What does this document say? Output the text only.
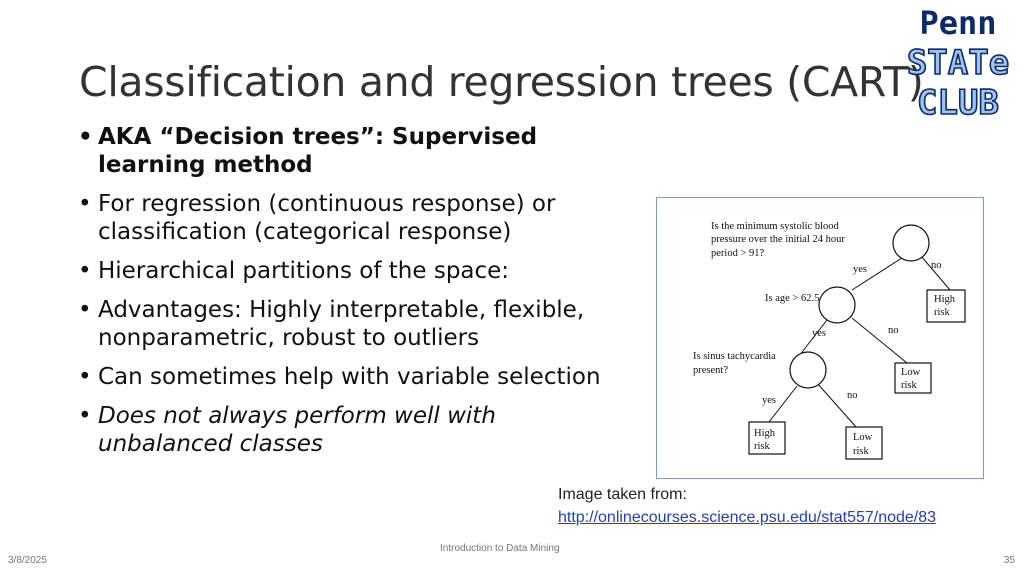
Classification and regression trees (CART)
• AKA “Decision trees”: Supervised learning method
• For regression (continuous response) or classification (categorical response)
• Hierarchical partitions of the space:
• Advantages: Highly interpretable, flexible, nonparametric, robust to outliers
• Can sometimes help with variable selection
• Does not always perform well with unbalanced classes
Penn
STATe
CLUB
Is the minimum systolic blood
pressure over the initial 24 hour
period > 91?
Is age > 62.5
Is sinus tachycardia
present?
yes	no
yes	no
yes	no
High
risk
Low
risk
High
risk
Low
risk
Image taken from:
http://onlinecourses.science.psu.edu/stat557/node/83
Introduction to Data Mining
3/8/2025	35
